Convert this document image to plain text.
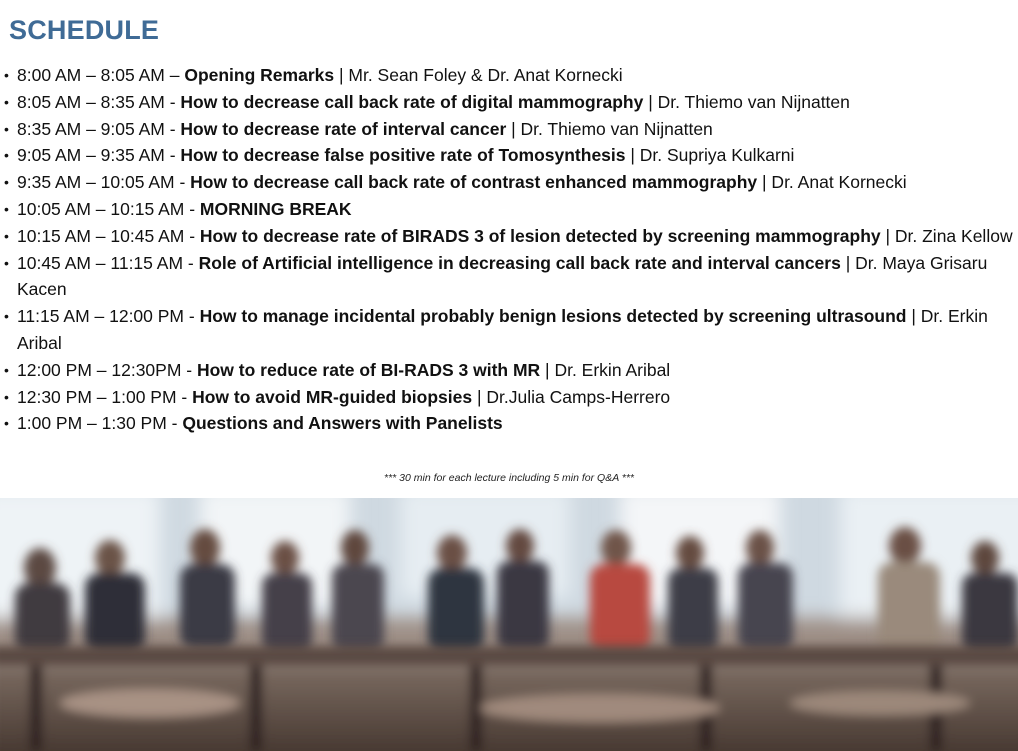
SCHEDULE
• 8:00 AM – 8:05 AM – Opening Remarks | Mr. Sean Foley & Dr. Anat Kornecki
• 8:05 AM – 8:35 AM - How to decrease call back rate of digital mammography | Dr. Thiemo van Nijnatten
• 8:35 AM – 9:05 AM - How to decrease rate of interval cancer | Dr. Thiemo van Nijnatten
• 9:05 AM – 9:35 AM - How to decrease false positive rate of Tomosynthesis | Dr. Supriya Kulkarni
• 9:35 AM – 10:05 AM - How to decrease call back rate of contrast enhanced mammography | Dr. Anat Kornecki
• 10:05 AM – 10:15 AM - MORNING BREAK
• 10:15 AM – 10:45 AM - How to decrease rate of BIRADS 3 of lesion detected by screening mammography | Dr. Zina Kellow
• 10:45 AM – 11:15 AM - Role of Artificial intelligence in decreasing call back rate and interval cancers | Dr. Maya Grisaru Kacen
• 11:15 AM – 12:00 PM - How to manage incidental probably benign lesions detected by screening ultrasound | Dr. Erkin Aribal
• 12:00 PM – 12:30PM - How to reduce rate of BI-RADS 3 with MR | Dr. Erkin Aribal
• 12:30 PM – 1:00 PM - How to avoid MR-guided biopsies | Dr.Julia Camps-Herrero
• 1:00 PM – 1:30 PM - Questions and Answers with Panelists
*** 30 min for each lecture including 5 min for Q&A ***
